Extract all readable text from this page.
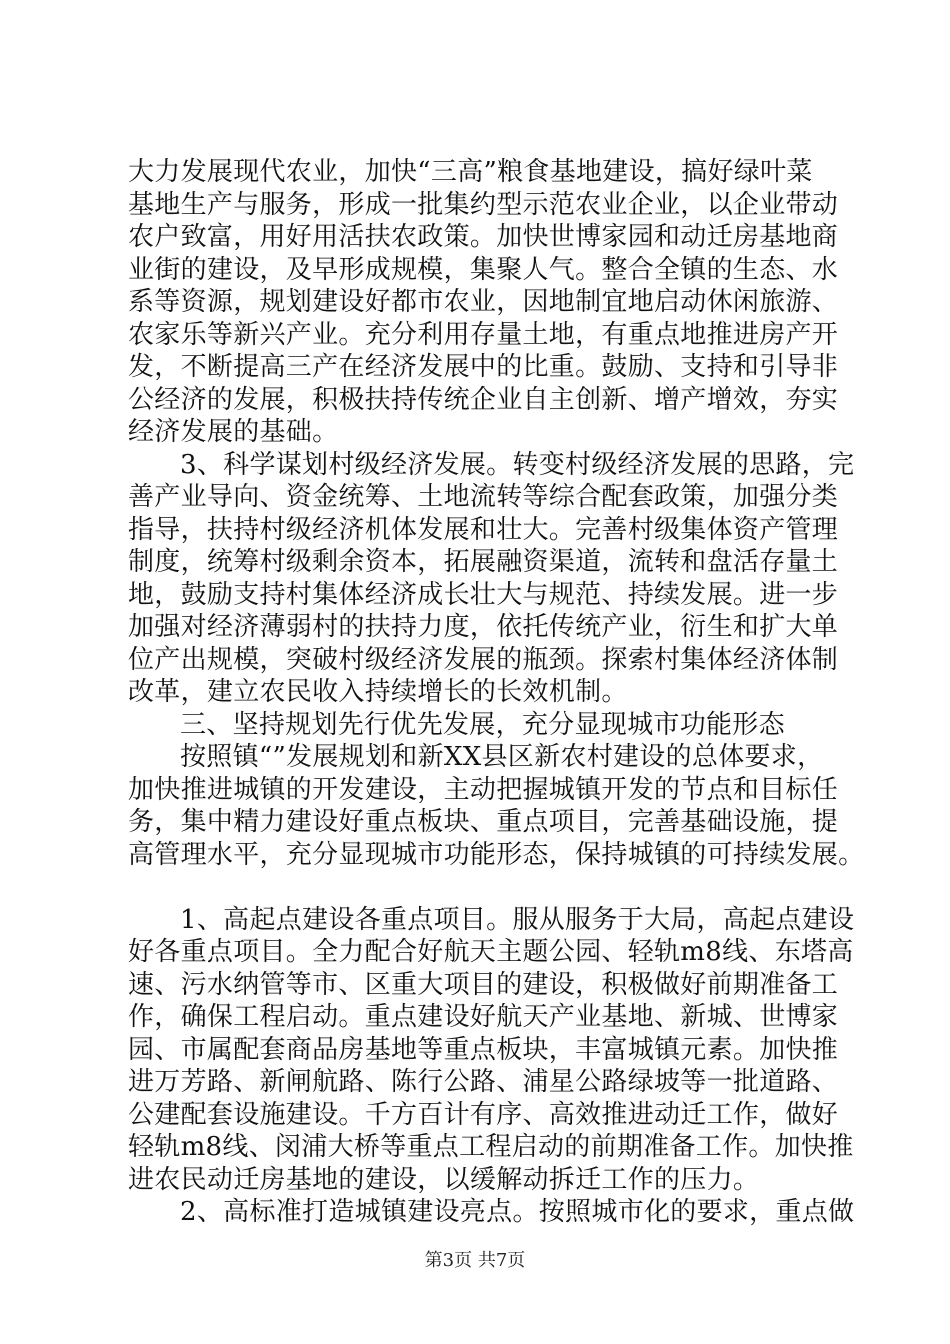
大力发展现代农业，加快“三高”粮食基地建设，搞好绿叶菜
基地生产与服务，形成一批集约型示范农业企业，以企业带动
农户致富，用好用活扶农政策。加快世博家园和动迁房基地商
业街的建设，及早形成规模，集聚人气。整合全镇的生态、水
系等资源，规划建设好都市农业，因地制宜地启动休闲旅游、
农家乐等新兴产业。充分利用存量土地，有重点地推进房产开
发，不断提高三产在经济发展中的比重。鼓励、支持和引导非
公经济的发展，积极扶持传统企业自主创新、增产增效，夯实
经济发展的基础。
3、科学谋划村级经济发展。转变村级经济发展的思路，完
善产业导向、资金统筹、土地流转等综合配套政策，加强分类
指导，扶持村级经济机体发展和壮大。完善村级集体资产管理
制度，统筹村级剩余资本，拓展融资渠道，流转和盘活存量土
地，鼓励支持村集体经济成长壮大与规范、持续发展。进一步
加强对经济薄弱村的扶持力度，依托传统产业，衍生和扩大单
位产出规模，突破村级经济发展的瓶颈。探索村集体经济体制
改革，建立农民收入持续增长的长效机制。
三、坚持规划先行优先发展，充分显现城市功能形态
按照镇“”发展规划和新XX县区新农村建设的总体要求，
加快推进城镇的开发建设，主动把握城镇开发的节点和目标任
务，集中精力建设好重点板块、重点项目，完善基础设施，提
高管理水平，充分显现城市功能形态，保持城镇的可持续发展。
1、高起点建设各重点项目。服从服务于大局，高起点建设
好各重点项目。全力配合好航天主题公园、轻轨m8线、东塔高
速、污水纳管等市、区重大项目的建设，积极做好前期准备工
作，确保工程启动。重点建设好航天产业基地、新城、世博家
园、市属配套商品房基地等重点板块，丰富城镇元素。加快推
进万芳路、新闸航路、陈行公路、浦星公路绿坡等一批道路、
公建配套设施建设。千方百计有序、高效推进动迁工作，做好
轻轨m8线、闵浦大桥等重点工程启动的前期准备工作。加快推
进农民动迁房基地的建设，以缓解动拆迁工作的压力。
2、高标准打造城镇建设亮点。按照城市化的要求，重点做
第3页 共7页
